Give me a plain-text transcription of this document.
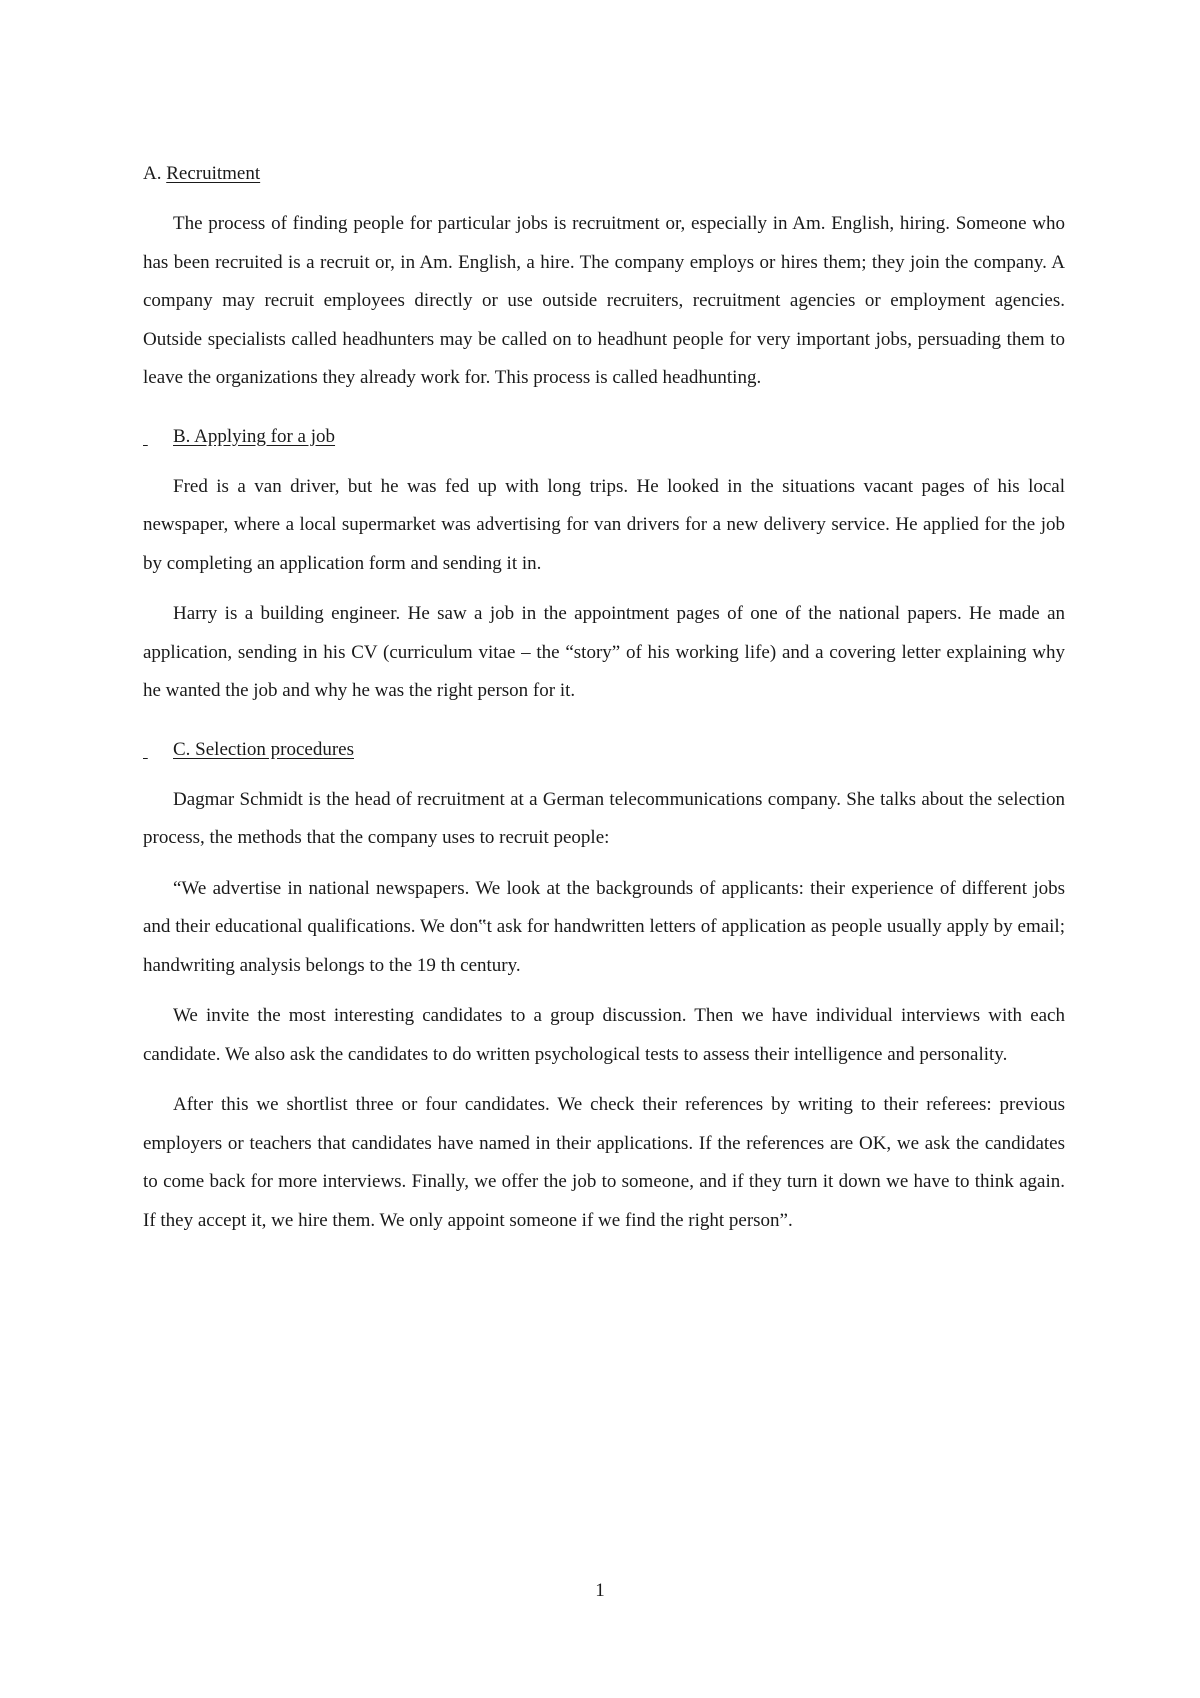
A. Recruitment

The process of finding people for particular jobs is recruitment or, especially in Am. English, hiring. Someone who has been recruited is a recruit or, in Am. English, a hire. The company employs or hires them; they join the company. A company may recruit employees directly or use outside recruiters, recruitment agencies or employment agencies. Outside specialists called headhunters may be called on to headhunt people for very important jobs, persuading them to leave the organizations they already work for. This process is called headhunting.

B. Applying for a job

Fred is a van driver, but he was fed up with long trips. He looked in the situations vacant pages of his local newspaper, where a local supermarket was advertising for van drivers for a new delivery service. He applied for the job by completing an application form and sending it in.

Harry is a building engineer. He saw a job in the appointment pages of one of the national papers. He made an application, sending in his CV (curriculum vitae – the “story” of his working life) and a covering letter explaining why he wanted the job and why he was the right person for it.

C. Selection procedures

Dagmar Schmidt is the head of recruitment at a German telecommunications company. She talks about the selection process, the methods that the company uses to recruit people:

“We advertise in national newspapers. We look at the backgrounds of applicants: their experience of different jobs and their educational qualifications. We don‟t ask for handwritten letters of application as people usually apply by email; handwriting analysis belongs to the 19 th century.

We invite the most interesting candidates to a group discussion. Then we have individual interviews with each candidate. We also ask the candidates to do written psychological tests to assess their intelligence and personality.

After this we shortlist three or four candidates. We check their references by writing to their referees: previous employers or teachers that candidates have named in their applications. If the references are OK, we ask the candidates to come back for more interviews. Finally, we offer the job to someone, and if they turn it down we have to think again. If they accept it, we hire them. We only appoint someone if we find the right person”.

1
